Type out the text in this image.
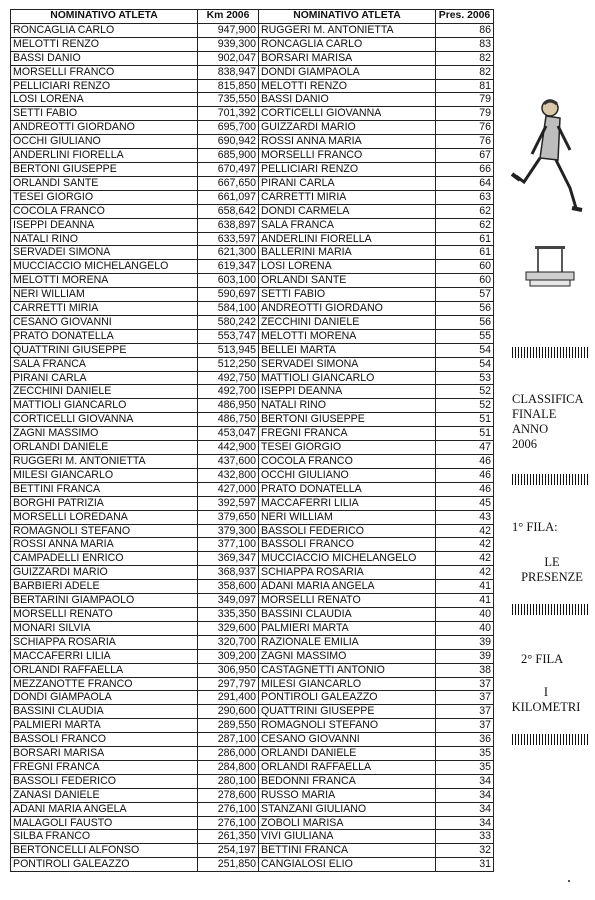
NOMINATIVO ATLETA	Km 2006	NOMINATIVO ATLETA	Pres. 2006
RONCAGLIA CARLO	947,900	RUGGERI M. ANTONIETTA	86
MELOTTI RENZO	939,300	RONCAGLIA CARLO	83
BASSI DANIO	902,047	BORSARI MARISA	82
MORSELLI FRANCO	838,947	DONDI GIAMPAOLA	82
PELLICIARI RENZO	815,850	MELOTTI RENZO	81
LOSI LORENA	735,550	BASSI DANIO	79
SETTI FABIO	701,392	CORTICELLI GIOVANNA	79
ANDREOTTI GIORDANO	695,700	GUIZZARDI MARIO	76
OCCHI GIULIANO	690,942	ROSSI ANNA MARIA	76
ANDERLINI FIORELLA	685,900	MORSELLI FRANCO	67
BERTONI GIUSEPPE	670,497	PELLICIARI RENZO	66
ORLANDI SANTE	667,650	PIRANI CARLA	64
TESEI GIORGIO	661,097	CARRETTI MIRIA	63
COCOLA FRANCO	658,642	DONDI CARMELA	62
ISEPPI DEANNA	638,897	SALA FRANCA	62
NATALI RINO	633,597	ANDERLINI FIORELLA	61
SERVADEI SIMONA	621,300	BALLERINI MARIA	61
MUCCIACCIO MICHELANGELO	619,347	LOSI LORENA	60
MELOTTI MORENA	603,100	ORLANDI SANTE	60
NERI WILLIAM	590,697	SETTI FABIO	57
CARRETTI MIRIA	584,100	ANDREOTTI GIORDANO	56
CESANO GIOVANNI	580,242	ZECCHINI DANIELE	56
PRATO DONATELLA	553,747	MELOTTI MORENA	55
QUATTRINI GIUSEPPE	513,945	BELLEI MARTA	54
SALA FRANCA	512,250	SERVADEI SIMONA	54
PIRANI CARLA	492,750	MATTIOLI GIANCARLO	53
ZECCHINI DANIELE	492,700	ISEPPI DEANNA	52
MATTIOLI GIANCARLO	486,950	NATALI RINO	52
CORTICELLI GIOVANNA	486,750	BERTONI GIUSEPPE	51
ZAGNI MASSIMO	453,047	FREGNI FRANCA	51
ORLANDI DANIELE	442,900	TESEI GIORGIO	47
RUGGERI M. ANTONIETTA	437,600	COCOLA FRANCO	46
MILESI GIANCARLO	432,800	OCCHI GIULIANO	46
BETTINI FRANCA	427,000	PRATO DONATELLA	46
BORGHI PATRIZIA	392,597	MACCAFERRI LILIA	45
MORSELLI LOREDANA	379,650	NERI WILLIAM	43
ROMAGNOLI STEFANO	379,300	BASSOLI FEDERICO	42
ROSSI ANNA MARIA	377,100	BASSOLI FRANCO	42
CAMPADELLI ENRICO	369,347	MUCCIACCIO MICHELANGELO	42
GUIZZARDI MARIO	368,937	SCHIAPPA ROSARIA	42
BARBIERI ADELE	358,600	ADANI MARIA ANGELA	41
BERTARINI GIAMPAOLO	349,097	MORSELLI RENATO	41
MORSELLI RENATO	335,350	BASSINI CLAUDIA	40
MONARI SILVIA	329,600	PALMIERI MARTA	40
SCHIAPPA ROSARIA	320,700	RAZIONALE EMILIA	39
MACCAFERRI LILIA	309,200	ZAGNI MASSIMO	39
ORLANDI RAFFAELLA	306,950	CASTAGNETTI ANTONIO	38
MEZZANOTTE FRANCO	297,797	MILESI GIANCARLO	37
DONDI GIAMPAOLA	291,400	PONTIROLI GALEAZZO	37
BASSINI CLAUDIA	290,600	QUATTRINI GIUSEPPE	37
PALMIERI MARTA	289,550	ROMAGNOLI STEFANO	37
BASSOLI FRANCO	287,100	CESANO GIOVANNI	36
BORSARI MARISA	286,000	ORLANDI DANIELE	35
FREGNI FRANCA	284,800	ORLANDI RAFFAELLA	35
BASSOLI FEDERICO	280,100	BEDONNI FRANCA	34
ZANASI DANIELE	278,600	RUSSO MARIA	34
ADANI MARIA ANGELA	276,100	STANZANI GIULIANO	34
MALAGOLI FAUSTO	276,100	ZOBOLI MARISA	34
SILBA FRANCO	261,350	VIVI GIULIANA	33
BERTONCELLI ALFONSO	254,197	BETTINI FRANCA	32
PONTIROLI GALEAZZO	251,850	CANGIALOSI ELIO	31
CLASSIFICA
FINALE
ANNO
2006
1° FILA:
LE
PRESENZE
2° FILA
I
KILOMETRI
